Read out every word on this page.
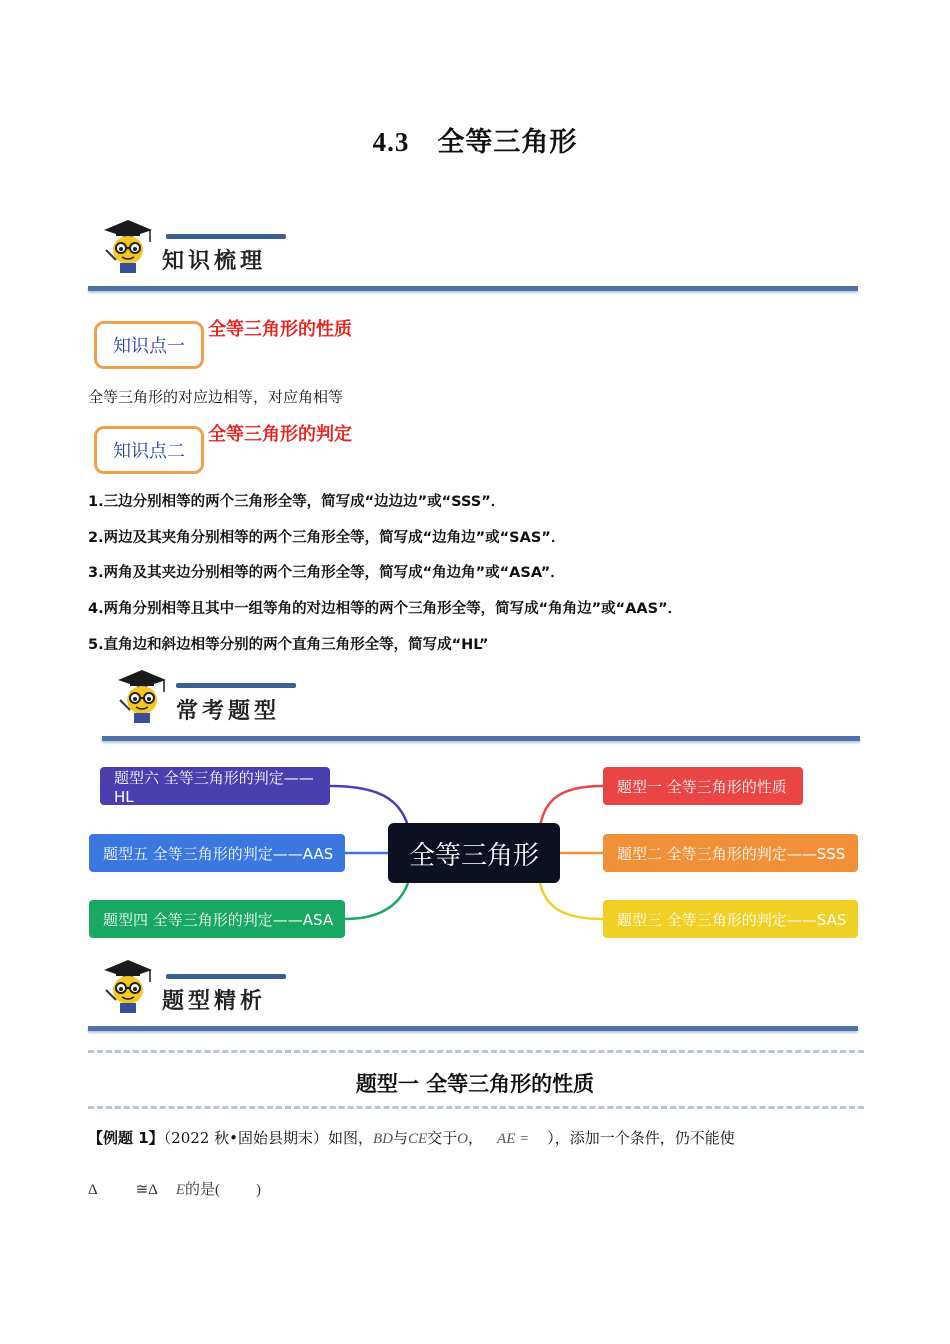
4.3 全等三角形
知识梳理
知识点一
全等三角形的性质
全等三角形的对应边相等，对应角相等
知识点二
全等三角形的判定
1.三边分别相等的两个三角形全等，简写成“边边边”或“SSS”．
2.两边及其夹角分别相等的两个三角形全等，简写成“边角边”或“SAS”．
3.两角及其夹边分别相等的两个三角形全等，简写成“角边角”或“ASA”．
4.两角分别相等且其中一组等角的对边相等的两个三角形全等，简写成“角角边”或“AAS”．
5.直角边和斜边相等分别的两个直角三角形全等，简写成“HL”
常考题型
全等三角形
题型六 全等三角形的判定——HL
题型五 全等三角形的判定——AAS
题型四 全等三角形的判定——ASA
题型一 全等三角形的性质
题型二 全等三角形的判定——SSS
题型三 全等三角形的判定——SAS
题型精析
题型一 全等三角形的性质
【例题 1】（2022 秋•固始县期末）如图，BD与CE交于O， AE = ），添加一个条件，仍不能使
Δ	≅Δ E的是( )
